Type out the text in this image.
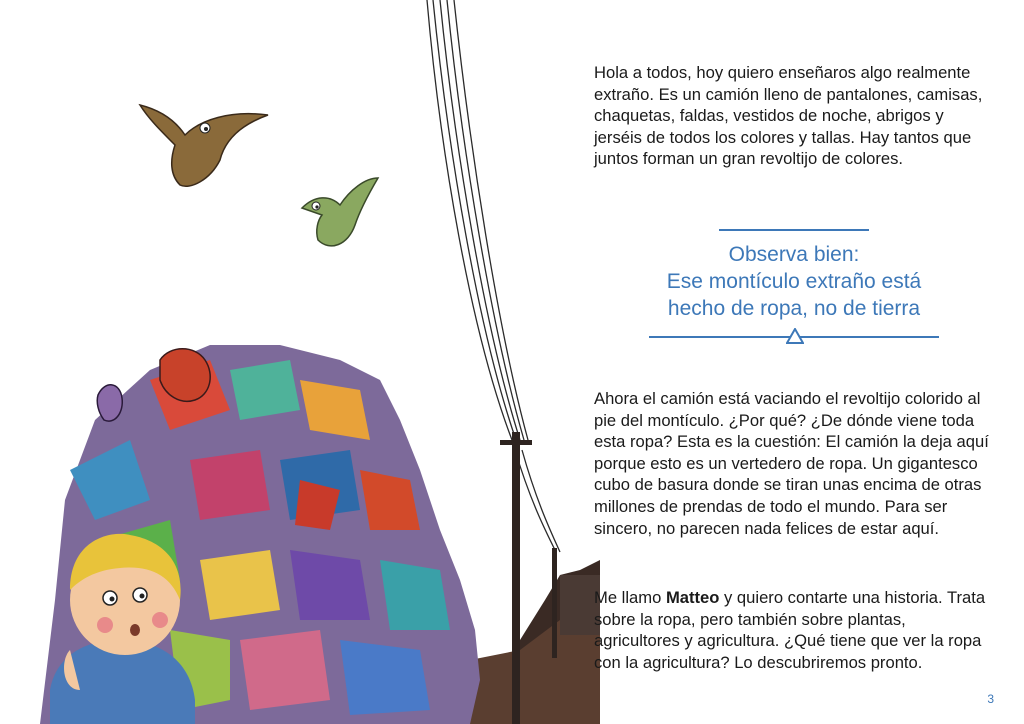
Hola a todos, hoy quiero enseñaros algo realmente extraño. Es un camión lleno de pantalones, camisas, chaquetas, faldas, vestidos de noche, abrigos y jerséis de todos los colores y tallas. Hay tantos que juntos forman un gran revoltijo de colores.

Observa bien:
Ese montículo extraño está
hecho de ropa, no de tierra

Ahora el camión está vaciando el revoltijo colorido al pie del montículo. ¿Por qué? ¿De dónde viene toda esta ropa? Esta es la cuestión: El camión la deja aquí porque esto es un vertedero de ropa. Un gigantesco cubo de basura donde se tiran unas encima de otras millones de prendas de todo el mundo. Para ser sincero, no parecen nada felices de estar aquí.

Me llamo Matteo y quiero contarte una historia. Trata sobre la ropa, pero también sobre plantas, agricultores y agricultura. ¿Qué tiene que ver la ropa con la agricultura? Lo descubriremos pronto.

3
